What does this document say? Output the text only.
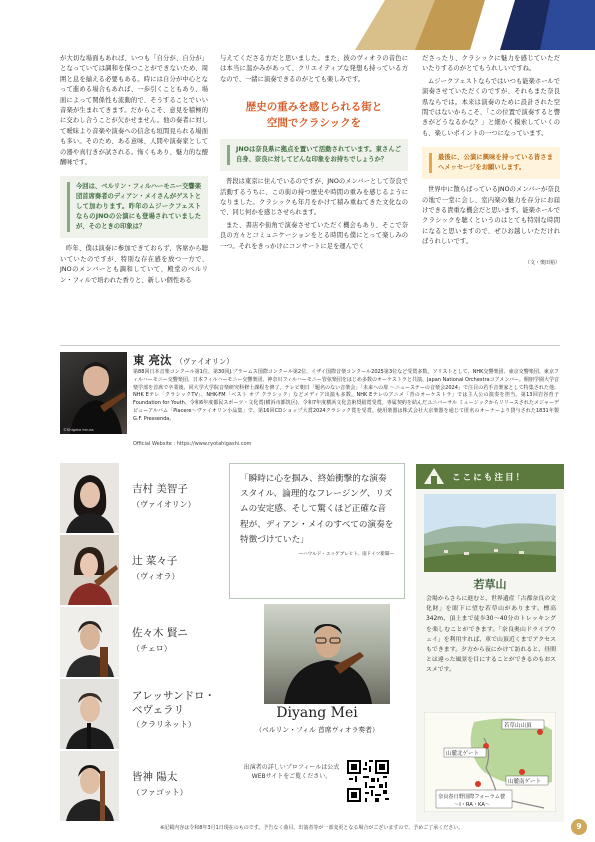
が大切な場面もあれば、いつも「自分が、自分が」となっていては調和を保つことができないため、周囲と息を揃える必要もある。時には自分が中心となって進める場合もあれば、一歩引くこともあり、場面によって関係性も流動的で、そうすることでいい音楽が生まれてきます。だからこそ、意見を積極的に交わし合うことが欠かせません。他の奏者に対して曖昧より音楽や演奏への信念も垣間見られる場面も多い。そのため、ある意味、人間や演奏家としての器や真行きが試される。怖くもあり、魅力的な醍醐味です。

今回は、ベルリン・フィルハーモニー交響楽団首席奏者のディアン・メイさんがゲストとして加わります。昨年のムジークフェストならのJNOの公演にも登場されていましたが、そのときの印象は？

昨年、僕は演奏に参加できておらず、客席から聴いていたのですが、特別な存在感を放つ一方で、JNOのメンバーとも調和していて、殿堂のベルリン・フィルで培われた香りと、新しい個性ある

与えてくださる方だと思いました。また、彼のヴィオラの音色には本当に温かみがあって、クリエイティブな発想も持っている方なので、一緒に演奏できるのがとても楽しみです。

歴史の重みを感じられる街と
空間でクラシックを
JNOは奈良県に拠点を置いて活動されています。東さんご自身、奈良に対してどんな印象をお持ちでしょうか？

普段は東京に住んでいるのですが、JNOのメンバーとして奈良で活動するうちに、この街の持つ歴史や時間の重みを感じるようになりました。クラシックも年月をかけて積み重ねてきた文化なので、同じ何かを感じさせられます。

また、書店や街角で演奏させていただく機会もあり、そこで奈良の方々とコミュニケーションをとる時間も僕にとって楽しみの一つ。それをきっかけにコンサートに足を運んでく

ださったり、クラシックに魅力を感じていただいたりするのがとてもうれしいですね。

ムジークフェストならではいつも能楽ホールで演奏させていただくのですが、それもまた奈良県ならでは。本来は演奏のために設計された空間ではないからこそ、「この位置で演奏すると響きがどうなるかな？」と細かく模索していくのも、楽しいポイントの一つになっています。

最後に、公演に興味を持っている皆さまへメッセージをお願いします。

世界中に散らばっているJNOのメンバーが奈良の地で一堂に会し、室内楽の魅力を存分にお届けできる貴重な機会だと思います。能楽ホールでクラシックを聴くというのはとても特別な時間になると思いますので、ぜひお越しいただければうれしいです。

（文・奥田裕）
©Shigeto Imura
東 亮汰 （ヴァイオリン）
第88回日本音楽コンクール第1位、第30回J.ブラームス国際コンクール第2位、イザイ国際音楽コンクール2025第3位など受賞多数。ソリストとして、NHK交響楽団、東京交響楽団、東京フィルハーモニー交響楽団、日本フィルハーモニー交響楽団、神奈川フィルハーモニー管弦楽団をはじめ多数のオーケストラと共演。Japan National Orchestraコアメンバー。桐朋学園大学音楽学部を首席で卒業後、同大学大学院音楽研究科修士課程を修了。テレビ朝日「題名のない音楽会」「未来への扉 ～ニューステーの音楽会2024」で注目の若手音楽家として特集された他、NHK Eテレ「クラシックTV」、NHK-FM「ベスト オブ クラシック」などメディア出演も多数。NHK Eテレのアニメ「青のオーケストラ」では主人公の演奏を担当。第13回岩谷育子 Foundation for Youth、令和6年度都民スポーツ・文化賞(横浜市都筑区)、令和7年度横浜文化芸術奨励賞受賞。専属契約を結んだユニバーサル ミュージックからリリースされたメジャーデビューアルバム「Piacere～ヴァイオリン小品集」で、第16回CDショップ大賞2024クラシック賞を受賞。使用楽器は株式会社大京楽器を通じて匿名のオーナーより貸与された1831年製 G.F. Pressenda。
Official Website : https://www.ryotahigashi.com
吉村 美智子
（ヴァイオリン）
辻 菜々子
（ヴィオラ）
佐々木 賢ニ
（チェロ）
アレッサンドロ・ベヴェラリ
（クラリネット）
皆神 陽太
（ファゴット）
「瞬時に心を掴み、終始衝撃的な演奏スタイル、論理的なフレージング、リズムの安定感、そして驚くほど正確な音程が、ディアン・メイのすべての演奏を特徴づけていた」
―ハウルド・エッゲブレヒト、南ドイツ新聞―
Diyang Mei
（ベルリン・フィル 首席ヴィオラ奏者）
出演者の詳しいプロフィールは公式WEBサイトをご覧ください。
ここにも注目！
若草山
会場からさらに進むと、世界遺産「古都奈良の文化財」を眼下に望む若草山があります。標高342m、頂上まで徒歩30～40分のトレッキングを楽しむことができます。「奈良奥山ドライブウェイ」を利用すれば、車で山頂近くまでアクセスもできます。夕方から夜にかけて訪れると、昼間とは違った風景を目にすることができるのもおススメです。
若草山山頂
山麓北ゲート
山麓南ゲート
奈良春日野国際フォーラム甍
～I・RA・KA～
※記載内容は令和8年3月1日現在のものです。予告なく曲目、出演者等が一部変更となる場合がございますので、予めご了承ください。	9
